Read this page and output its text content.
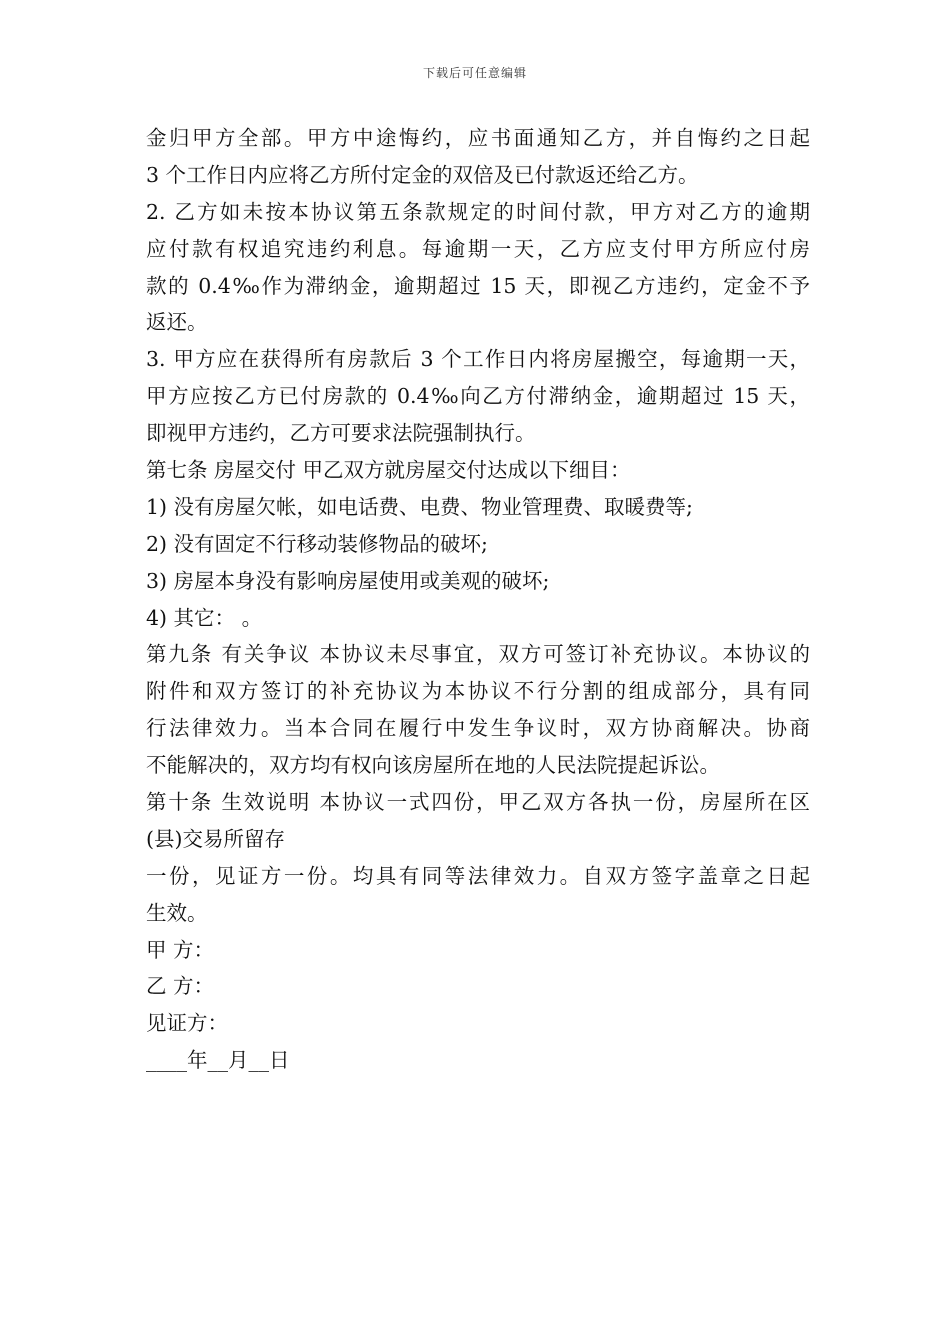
下载后可任意编辑
金归甲方全部。甲方中途悔约，应书面通知乙方，并自悔约之日起
3 个工作日内应将乙方所付定金的双倍及已付款返还给乙方。
2. 乙方如未按本协议第五条款规定的时间付款，甲方对乙方的逾期
应付款有权追究违约利息。每逾期一天，乙方应支付甲方所应付房
款的 0.4‰作为滞纳金，逾期超过 15 天，即视乙方违约，定金不予
返还。
3. 甲方应在获得所有房款后 3 个工作日内将房屋搬空，每逾期一天，
甲方应按乙方已付房款的 0.4‰向乙方付滞纳金，逾期超过 15 天，
即视甲方违约，乙方可要求法院强制执行。
第七条 房屋交付 甲乙双方就房屋交付达成以下细目：
1) 没有房屋欠帐，如电话费、电费、物业管理费、取暖费等;
2) 没有固定不行移动装修物品的破坏;
3) 房屋本身没有影响房屋使用或美观的破坏;
4) 其它： 。
第九条 有关争议 本协议未尽事宜，双方可签订补充协议。本协议的
附件和双方签订的补充协议为本协议不行分割的组成部分，具有同
行法律效力。当本合同在履行中发生争议时，双方协商解决。协商
不能解决的，双方均有权向该房屋所在地的人民法院提起诉讼。
第十条 生效说明 本协议一式四份，甲乙双方各执一份，房屋所在区
(县)交易所留存
一份，见证方一份。均具有同等法律效力。自双方签字盖章之日起
生效。
甲 方：
乙 方：
见证方：
____年__月__日
